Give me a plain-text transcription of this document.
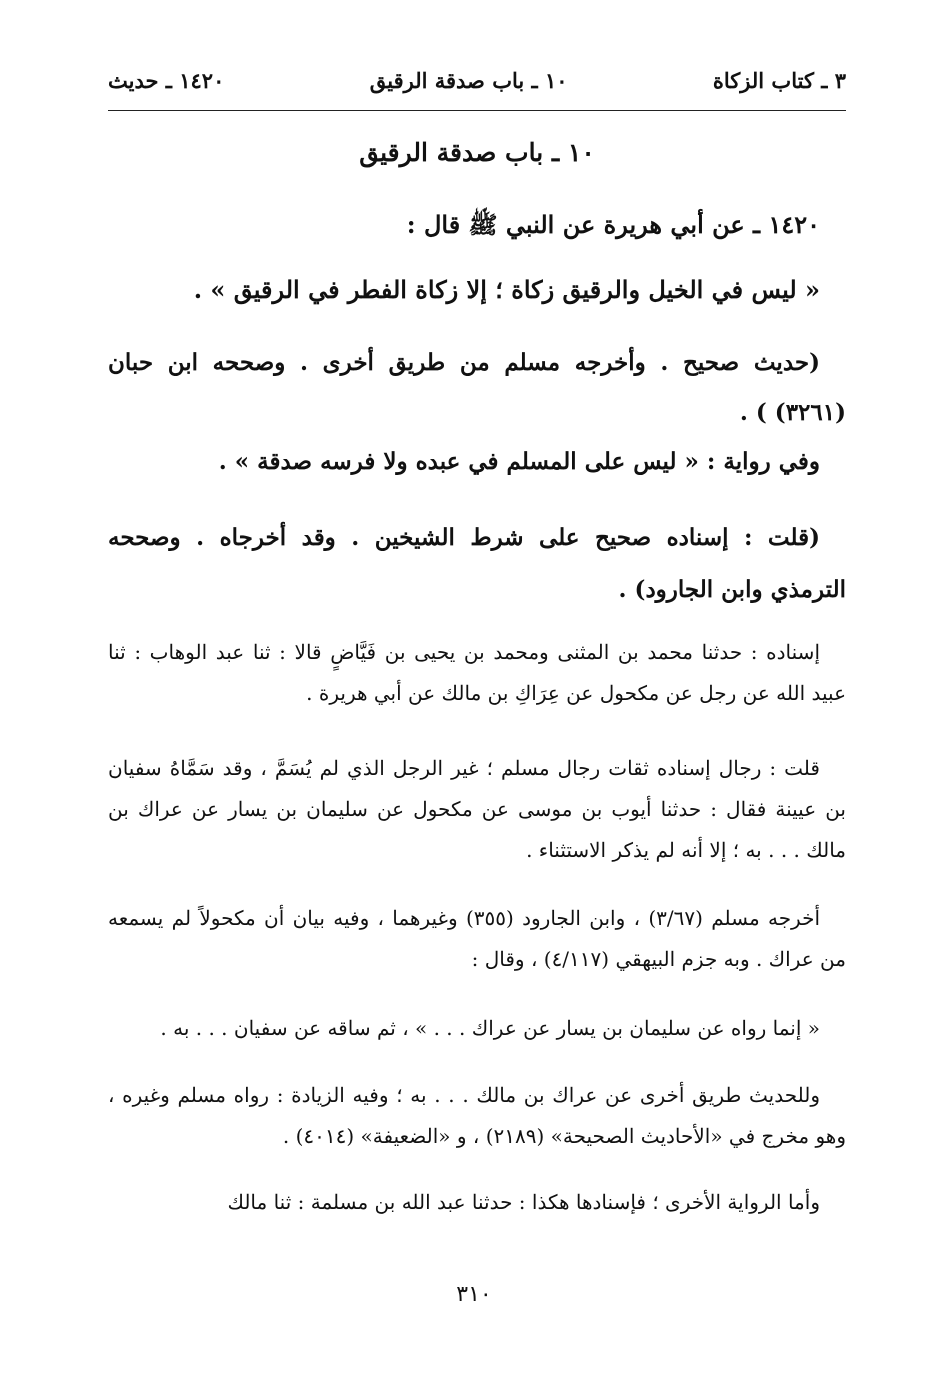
٣ ـ كتاب الزكاة
١٠ ـ باب صدقة الرقيق
١٤٢٠ ـ حديث
١٠ ـ باب صدقة الرقيق
١٤٢٠ ـ عن أبي هريرة عن النبي ﷺ قال :
« ليس في الخيل والرقيق زكاة ؛ إلا زكاة الفطر في الرقيق » .
(حديث صحيح . وأخرجه مسلم من طريق أخرى . وصححه ابن حبان (٣٢٦١) ) .
وفي رواية : « ليس على المسلم في عبده ولا فرسه صدقة » .
(قلت : إسناده صحيح على شرط الشيخين . وقد أخرجاه . وصححه الترمذي وابن الجارود) .
إسناده : حدثنا محمد بن المثنى ومحمد بن يحيى بن فَيَّاضٍ قالا : ثنا عبد الوهاب : ثنا عبيد الله عن رجل عن مكحول عن عِرَاكِ بن مالك عن أبي هريرة .
قلت : رجال إسناده ثقات رجال مسلم ؛ غير الرجل الذي لم يُسَمَّ ، وقد سَمَّاهُ سفيان بن عيينة فقال : حدثنا أيوب بن موسى عن مكحول عن سليمان بن يسار عن عراك بن مالك . . . به ؛ إلا أنه لم يذكر الاستثناء .
أخرجه مسلم (٣/٦٧) ، وابن الجارود (٣٥٥) وغيرهما ، وفيه بيان أن مكحولاً لم يسمعه من عراك . وبه جزم البيهقي (٤/١١٧) ، وقال :
« إنما رواه عن سليمان بن يسار عن عراك . . . » ، ثم ساقه عن سفيان . . . به .
وللحديث طريق أخرى عن عراك بن مالك . . . به ؛ وفيه الزيادة : رواه مسلم وغيره ، وهو مخرج في «الأحاديث الصحيحة» (٢١٨٩) ، و «الضعيفة» (٤٠١٤) .
وأما الرواية الأخرى ؛ فإسنادها هكذا : حدثنا عبد الله بن مسلمة : ثنا مالك
٣١٠
